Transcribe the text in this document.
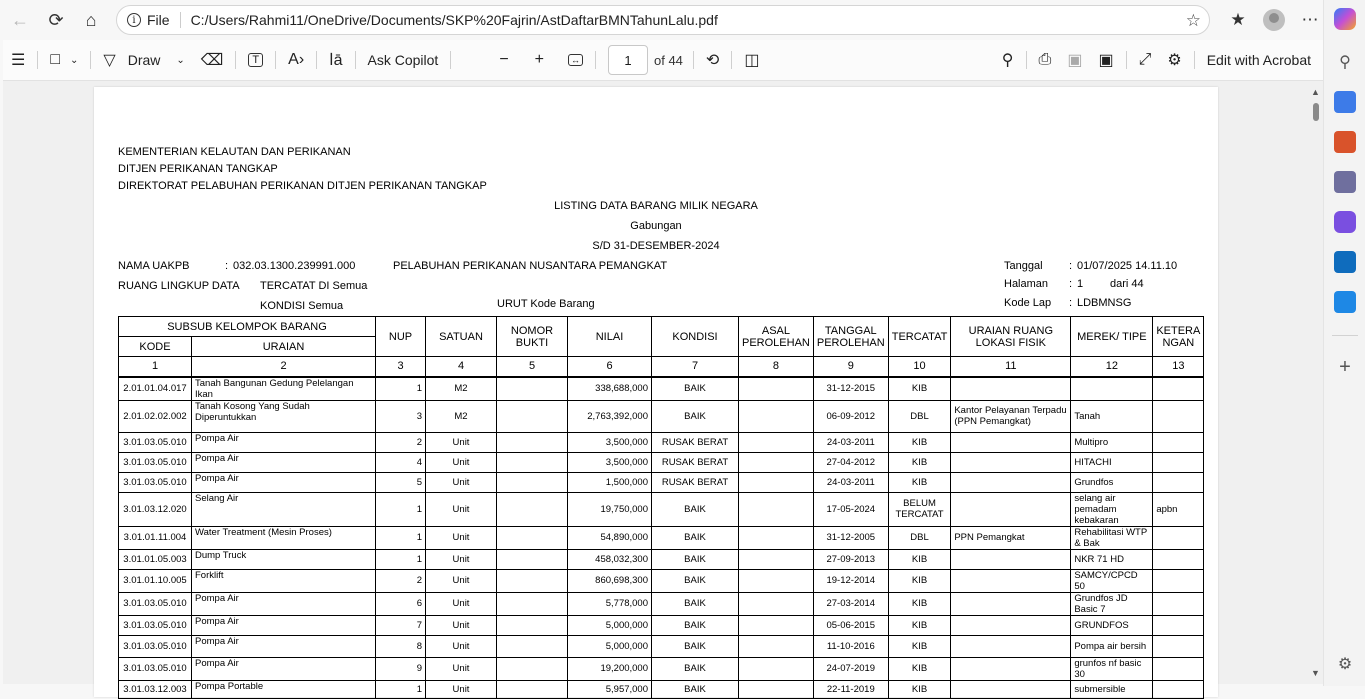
←	⟳	⌂	i File C:/Users/Rahmi11/OneDrive/Documents/SKP%20Fajrin/AstDaftarBMNTahunLalu.pdf	☆	★	⋯
☰ □ ⌄ ▽ Draw ⌄ ⌫	T A› اā Ask Copilot	− +	↔	1	of 44 ⟲ ◫	⚲ ⎙ ▣ ▣ ⤢ ⚙ Edit with Acrobat	⚲
+
⚙
▲
▼
KEMENTERIAN KELAUTAN DAN PERIKANAN
DITJEN PERIKANAN TANGKAP
DIREKTORAT PELABUHAN PERIKANAN DITJEN PERIKANAN TANGKAP
LISTING DATA BARANG MILIK NEGARA
Gabungan
S/D 31-DESEMBER-2024
NAMA UAKPB	: 032.03.1300.239991.000	PELABUHAN PERIKANAN NUSANTARA PEMANGKAT
RUANG LINGKUP DATA TERCATAT DI Semua
KONDISI Semua	URUT Kode Barang
Tanggal : 01/07/2025 14.11.10
Halaman : 1 dari 44
Kode Lap : LDBMNSG
SUBSUB KELOMPOK BARANG		NUP	SATUAN	NOMOR BUKTI	NILAI	KONDISI	ASAL PEROLEHAN	TANGGAL PEROLEHAN	TERCATAT	URAIAN RUANG LOKASI FISIK	MEREK/ TIPE	KETERA NGAN
KODE	URAIAN											
1	2	3	4	5	6	7	8	9	10	11	12	13
2.01.01.04.017	Tanah Bangunan Gedung Pelelangan Ikan	1	M2		338,688,000	BAIK		31-12-2015	KIB			
2.01.02.02.002	Tanah Kosong Yang Sudah Diperuntukkan	3	M2		2,763,392,000	BAIK		06-09-2012	DBL	Kantor Pelayanan Terpadu (PPN Pemangkat)	Tanah	
3.01.03.05.010	Pompa Air	2	Unit		3,500,000	RUSAK BERAT		24-03-2011	KIB		Multipro	
3.01.03.05.010	Pompa Air	4	Unit		3,500,000	RUSAK BERAT		27-04-2012	KIB		HITACHI	
3.01.03.05.010	Pompa Air	5	Unit		1,500,000	RUSAK BERAT		24-03-2011	KIB		Grundfos	
3.01.03.12.020	Selang Air	1	Unit		19,750,000	BAIK		17-05-2024	BELUM TERCATAT		selang air pemadam kebakaran	apbn
3.01.01.11.004	Water Treatment (Mesin Proses)	1	Unit		54,890,000	BAIK		31-12-2005	DBL	PPN Pemangkat	Rehabilitasi WTP & Bak	
3.01.01.05.003	Dump Truck	1	Unit		458,032,300	BAIK		27-09-2013	KIB		NKR 71 HD	
3.01.01.10.005	Forklift	2	Unit		860,698,300	BAIK		19-12-2014	KIB		SAMCY/CPCD 50	
3.01.03.05.010	Pompa Air	6	Unit		5,778,000	BAIK		27-03-2014	KIB		Grundfos JD Basic 7	
3.01.03.05.010	Pompa Air	7	Unit		5,000,000	BAIK		05-06-2015	KIB		GRUNDFOS	
3.01.03.05.010	Pompa Air	8	Unit		5,000,000	BAIK		11-10-2016	KIB		Pompa air bersih	
3.01.03.05.010	Pompa Air	9	Unit		19,200,000	BAIK		24-07-2019	KIB		grunfos nf basic 30	
3.01.03.12.003	Pompa Portable	1	Unit		5,957,000	BAIK		22-11-2019	KIB		submersible	
